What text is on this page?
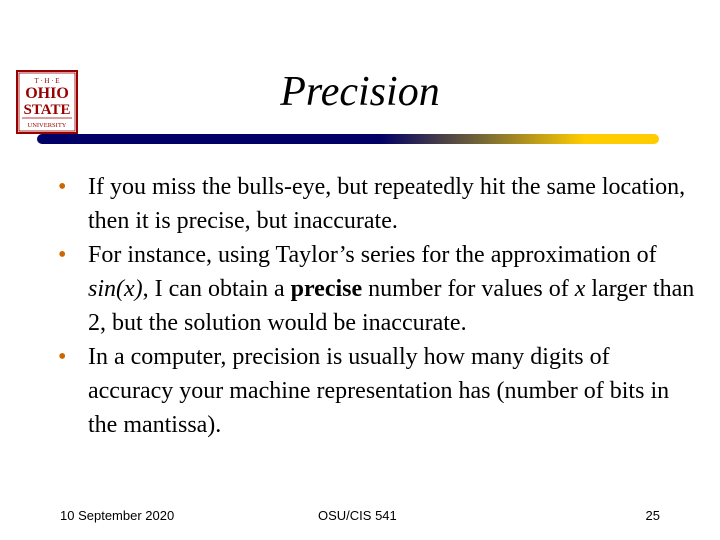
T · H · E
OHIO
STATE
UNIVERSITY
Precision

• If you miss the bulls-eye, but repeatedly hit the same location, then it is precise, but inaccurate.

• For instance, using Taylor’s series for the approximation of sin(x), I can obtain a precise number for values of x larger than 2, but the solution would be inaccurate.

• In a computer, precision is usually how many digits of accuracy your machine representation has (number of bits in the mantissa).

10 September 2020	OSU/CIS 541	25
